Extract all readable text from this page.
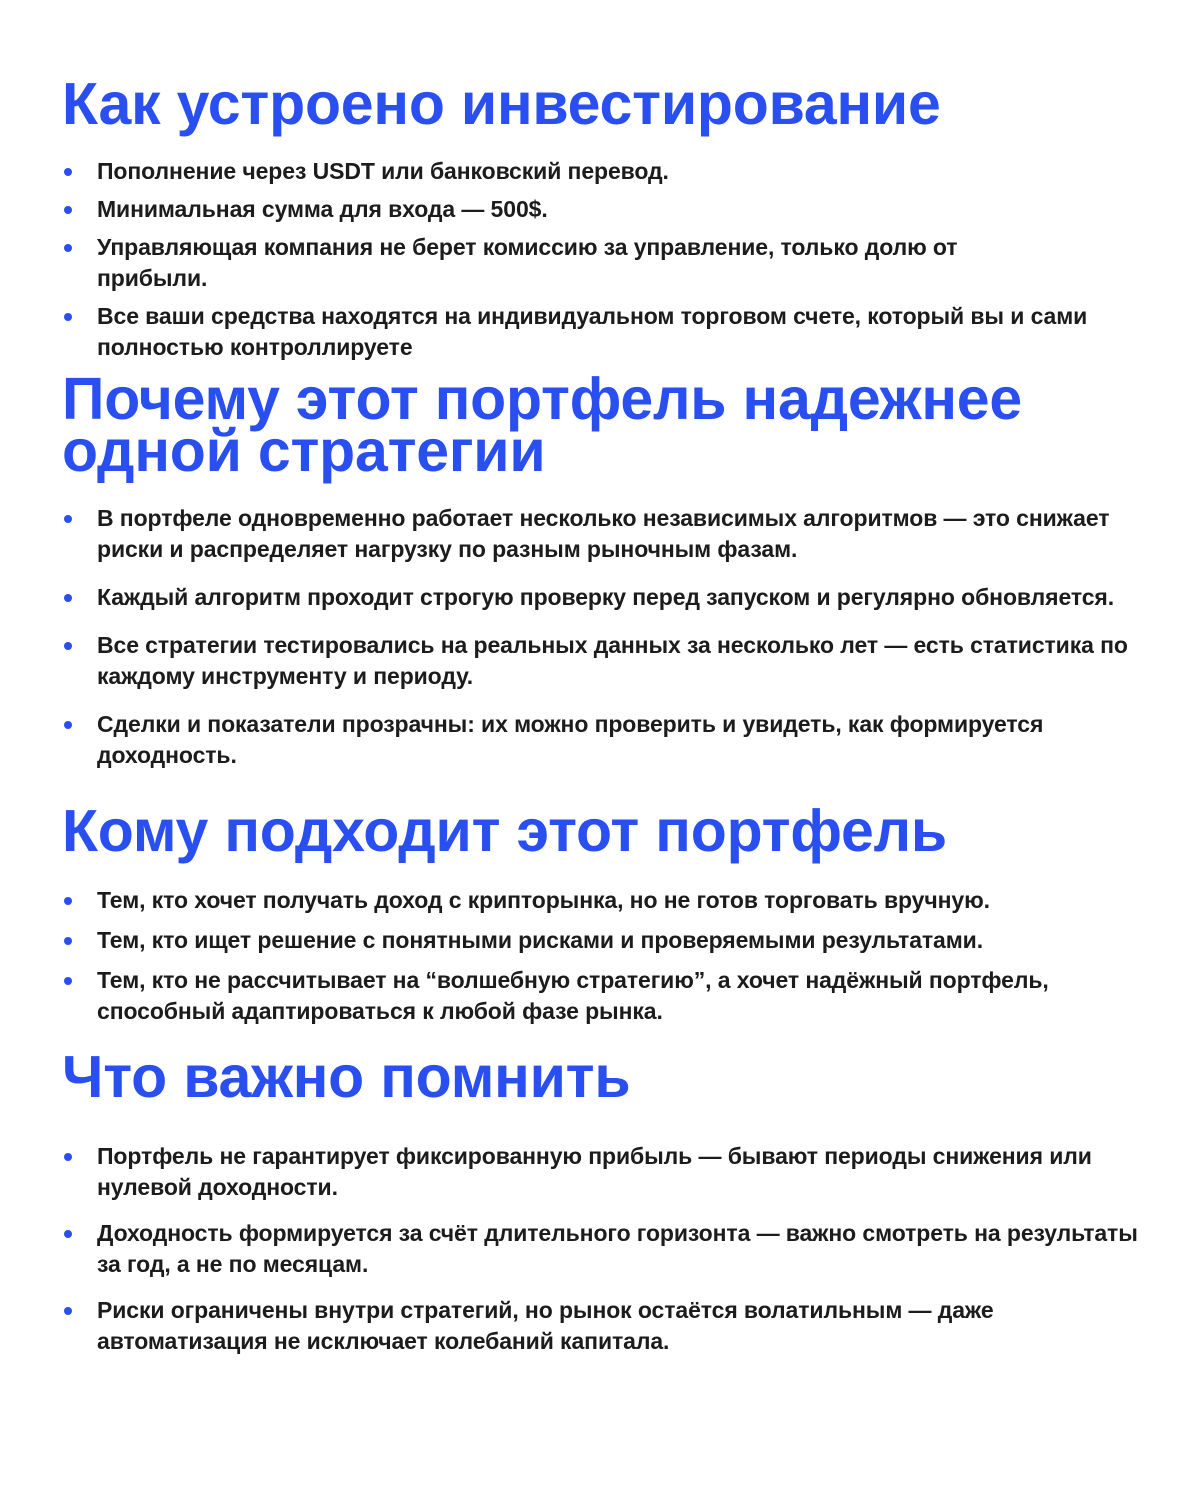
Как устроено инвестирование
Пополнение через USDT или банковский перевод.
Минимальная сумма для входа — 500$.
Управляющая компания не берет комиссию за управление, только долю от прибыли.
Все ваши средства находятся на индивидуальном торговом счете, который вы и сами полностью контроллируете
Почему этот портфель надежнее
одной стратегии
В портфеле одновременно работает несколько независимых алгоритмов — это снижает риски и распределяет нагрузку по разным рыночным фазам.
Каждый алгоритм проходит строгую проверку перед запуском и регулярно обновляется.
Все стратегии тестировались на реальных данных за несколько лет — есть статистика по каждому инструменту и периоду.
Сделки и показатели прозрачны: их можно проверить и увидеть, как формируется доходность.
Кому подходит этот портфель
Тем, кто хочет получать доход с крипторынка, но не готов торговать вручную.
Тем, кто ищет решение с понятными рисками и проверяемыми результатами.
Тем, кто не рассчитывает на “волшебную стратегию”, а хочет надёжный портфель, способный адаптироваться к любой фазе рынка.
Что важно помнить
Портфель не гарантирует фиксированную прибыль — бывают периоды снижения или нулевой доходности.
Доходность формируется за счёт длительного горизонта — важно смотреть на результаты за год, а не по месяцам.
Риски ограничены внутри стратегий, но рынок остаётся волатильным — даже автоматизация не исключает колебаний капитала.
